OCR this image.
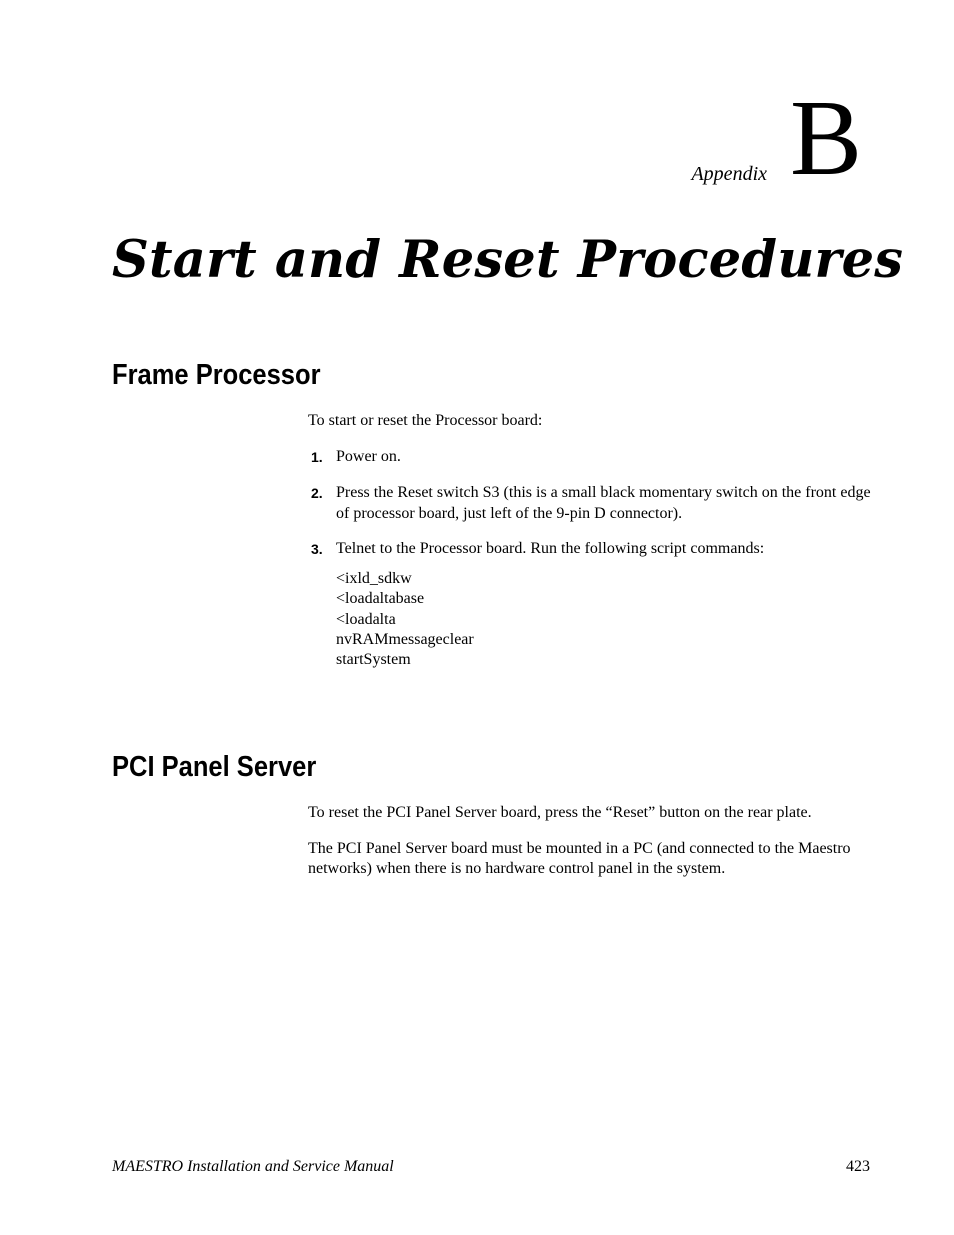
Appendix B
Start and Reset Procedures
Frame Processor

To start or reset the Processor board:

1. Power on.
2. Press the Reset switch S3 (this is a small black momentary switch on the front edge of processor board, just left of the 9-pin D connector).
3. Telnet to the Processor board. Run the following script commands:
<ixld_sdkw
<loadaltabase
<loadalta
nvRAMmessageclear
startSystem
PCI Panel Server

To reset the PCI Panel Server board, press the “Reset” button on the rear plate.

The PCI Panel Server board must be mounted in a PC (and connected to the Maestro networks) when there is no hardware control panel in the system.

MAESTRO Installation and Service Manual	423
